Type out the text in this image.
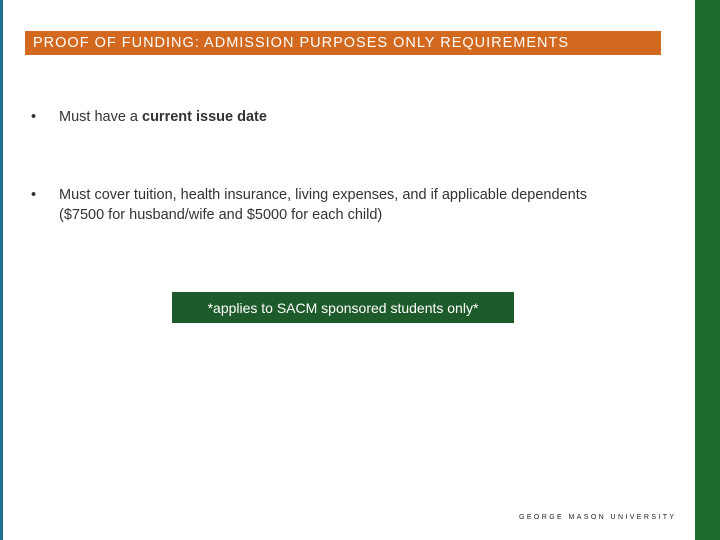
PROOF OF FUNDING: ADMISSION PURPOSES ONLY REQUIREMENTS
•	Must have a current issue date
•	Must cover tuition, health insurance, living expenses, and if applicable dependents ($7500 for husband/wife and $5000 for each child)
*applies to SACM sponsored students only*
GEORGE MASON UNIVERSITY
